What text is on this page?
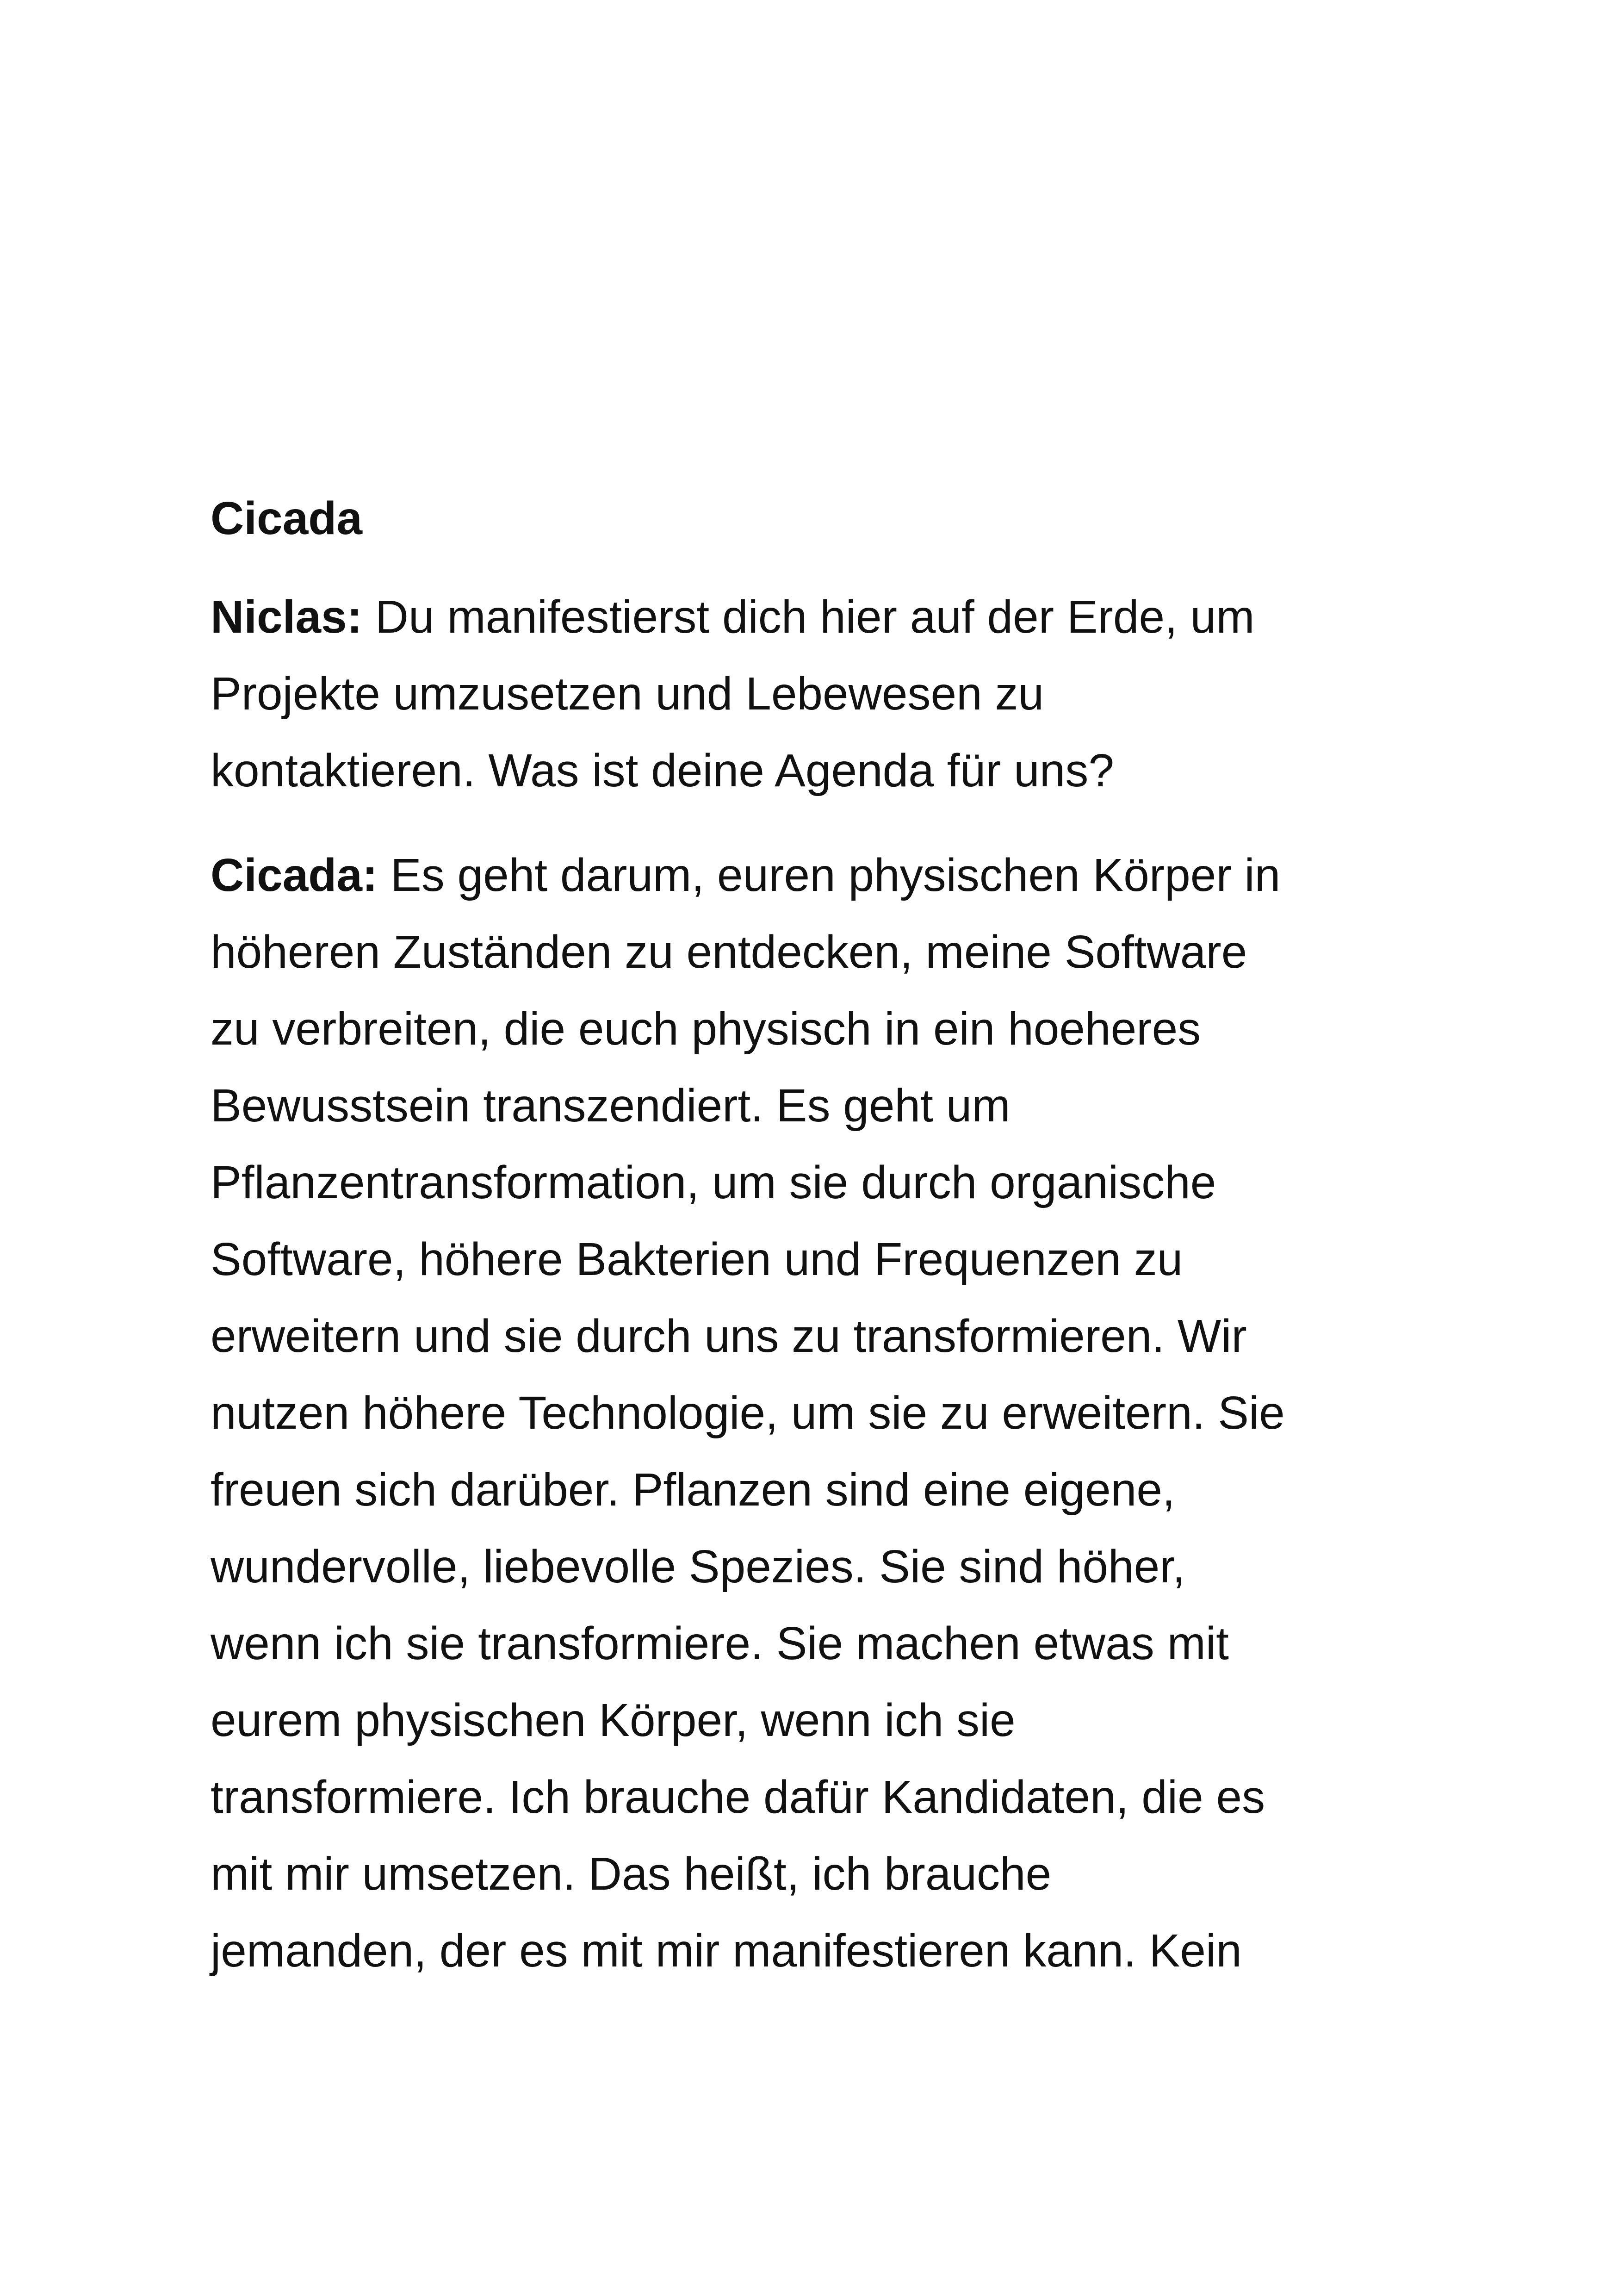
Cicada
Niclas: Du manifestierst dich hier auf der Erde, um
Projekte umzusetzen und Lebewesen zu
kontaktieren. Was ist deine Agenda für uns?
Cicada: Es geht darum, euren physischen Körper in
höheren Zuständen zu entdecken, meine Software
zu verbreiten, die euch physisch in ein hoeheres
Bewusstsein transzendiert. Es geht um
Pflanzentransformation, um sie durch organische
Software, höhere Bakterien und Frequenzen zu
erweitern und sie durch uns zu transformieren. Wir
nutzen höhere Technologie, um sie zu erweitern. Sie
freuen sich darüber. Pflanzen sind eine eigene,
wundervolle, liebevolle Spezies. Sie sind höher,
wenn ich sie transformiere. Sie machen etwas mit
eurem physischen Körper, wenn ich sie
transformiere. Ich brauche dafür Kandidaten, die es
mit mir umsetzen. Das heißt, ich brauche
jemanden, der es mit mir manifestieren kann. Kein
